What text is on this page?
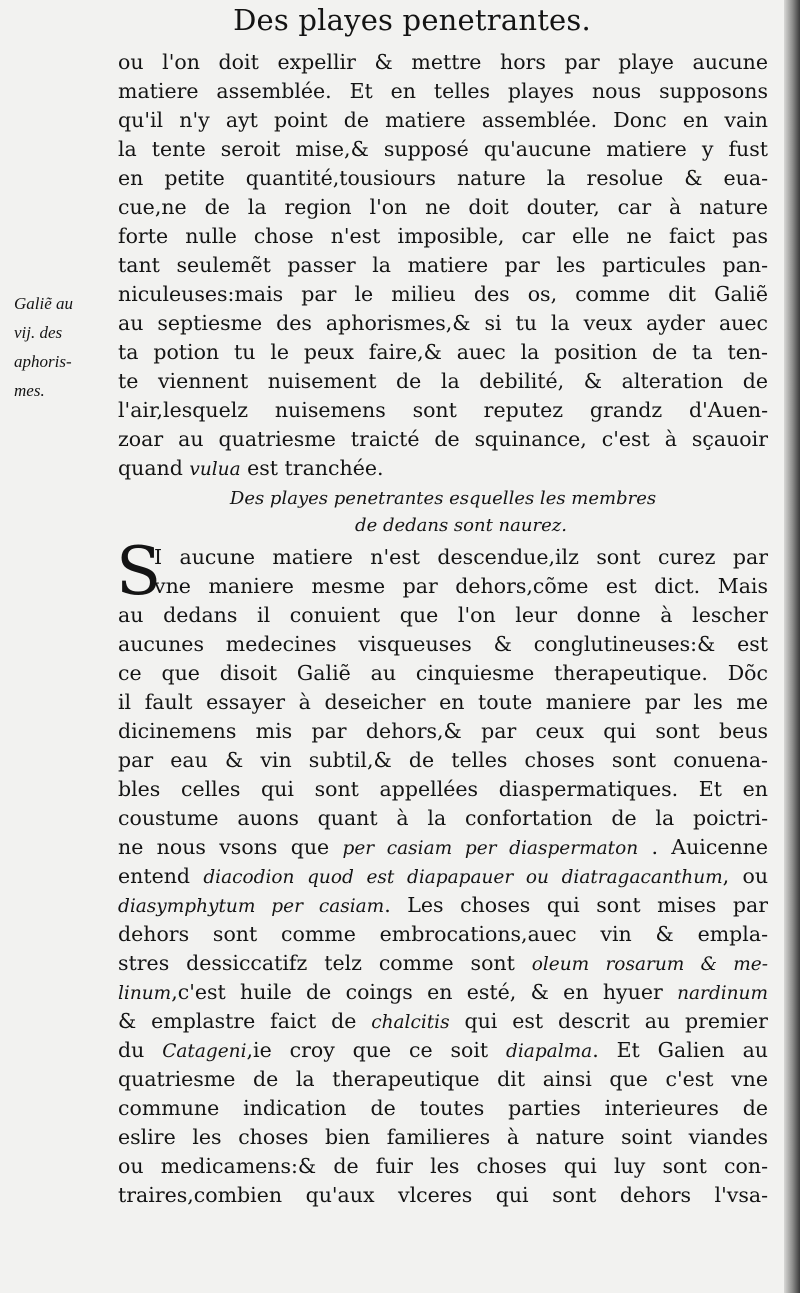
Des playes penetrantes.
Galiẽ au
vij. des
aphoris-
mes.
ou l'on doit expellir & mettre hors par playe aucune
matiere assemblée. Et en telles playes nous supposons
qu'il n'y ayt point de matiere assemblée. Donc en vain
la tente seroit mise,& supposé qu'aucune matiere y fust
en petite quantité,tousiours nature la resolue & eua-
cue,ne de la region l'on ne doit douter, car à nature
forte nulle chose n'est imposible, car elle ne faict pas
tant seulemẽt passer la matiere par les particules pan-
niculeuses:mais par le milieu des os, comme dit Galiẽ
au septiesme des aphorismes,& si tu la veux ayder auec
ta potion tu le peux faire,& auec la position de ta ten-
te viennent nuisement de la debilité, & alteration de
l'air,lesquelz nuisemens sont reputez grandz d'Auen-
zoar au quatriesme traicté de squinance, c'est à sçauoir
quand vulua est tranchée.
Des playes penetrantes esquelles les membres
de dedans sont naurez.
S
I aucune matiere n'est descendue,ilz sont curez par
vne maniere mesme par dehors,cõme est dict. Mais
au dedans il conuient que l'on leur donne à lescher
aucunes medecines visqueuses & conglutineuses:& est
ce que disoit Galiẽ au cinquiesme therapeutique. Dõc
il fault essayer à deseicher en toute maniere par les me
dicinemens mis par dehors,& par ceux qui sont beus
par eau & vin subtil,& de telles choses sont conuena-
bles celles qui sont appellées diaspermatiques. Et en
coustume auons quant à la confortation de la poictri-
ne nous vsons que per casiam per diaspermaton . Auicenne
entend diacodion quod est diapapauer ou diatragacanthum, ou
diasymphytum per casiam. Les choses qui sont mises par
dehors sont comme embrocations,auec vin & empla-
stres dessiccatifz telz comme sont oleum rosarum & me-
linum,c'est huile de coings en esté, & en hyuer nardinum
& emplastre faict de chalcitis qui est descrit au premier
du Catageni,ie croy que ce soit diapalma. Et Galien au
quatriesme de la therapeutique dit ainsi que c'est vne
commune indication de toutes parties interieures de
eslire les choses bien familieres à nature soint viandes
ou medicamens:& de fuir les choses qui luy sont con-
traires,combien qu'aux vlceres qui sont dehors l'vsa-
